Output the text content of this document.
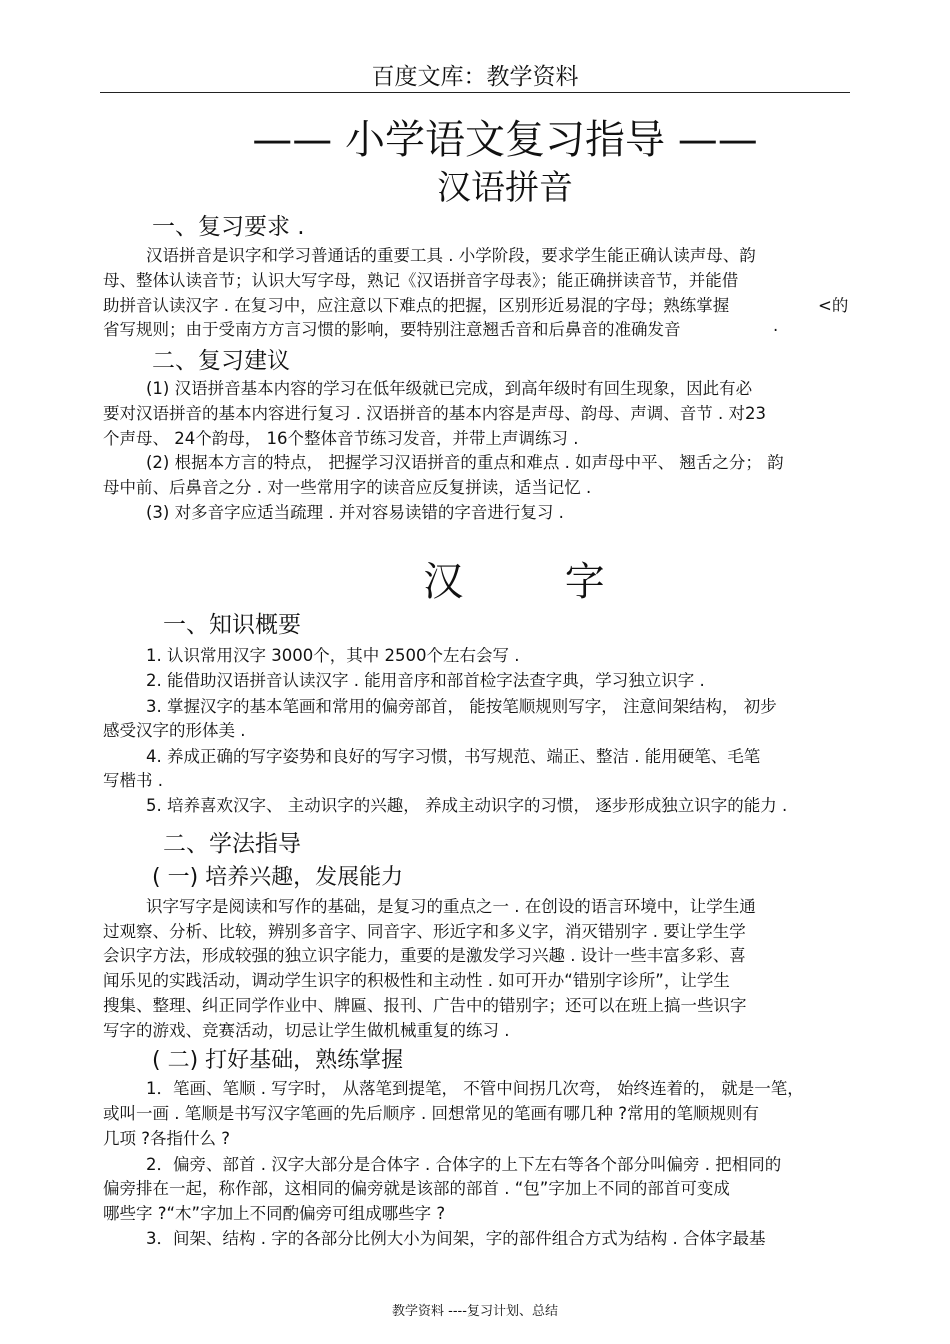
百度文库：教学资料
—— 小学语文复习指导 ——
汉语拼音
一、复习要求 .
汉语拼音是识字和学习普通话的重要工具 . 小学阶段，要求学生能正确认读声母、韵
母、整体认读音节；认识大写字母，熟记《汉语拼音字母表》；能正确拼读音节，并能借
助拼音认读汉字 . 在复习中，应注意以下难点的把握，区别形近易混的字母；熟练掌握	<的
省写规则；由于受南方方言习惯的影响，要特别注意翘舌音和后鼻音的准确发音	.
二、复习建议
(1) 汉语拼音基本内容的学习在低年级就已完成，到高年级时有回生现象，因此有必
要对汉语拼音的基本内容进行复习 . 汉语拼音的基本内容是声母、韵母、声调、音节 . 对23
个声母、 24个韵母， 16个整体音节练习发音，并带上声调练习 .
(2) 根据本方言的特点， 把握学习汉语拼音的重点和难点 . 如声母中平、 翘舌之分； 韵
母中前、后鼻音之分 . 对一些常用字的读音应反复拼读，适当记忆 .
(3) 对多音字应适当疏理 . 并对容易读错的字音进行复习 .
汉 字
一、知识概要
1. 认识常用汉字 3000个，其中 2500个左右会写 .
2. 能借助汉语拼音认读汉字 . 能用音序和部首检字法查字典，学习独立识字 .
3. 掌握汉字的基本笔画和常用的偏旁部首， 能按笔顺规则写字， 注意间架结构， 初步
感受汉字的形体美 .
4. 养成正确的写字姿势和良好的写字习惯，书写规范、端正、整洁 . 能用硬笔、毛笔
写楷书 .
5. 培养喜欢汉字、 主动识字的兴趣， 养成主动识字的习惯， 逐步形成独立识字的能力 .
二、学法指导
( 一) 培养兴趣，发展能力
识字写字是阅读和写作的基础，是复习的重点之一 . 在创设的语言环境中，让学生通
过观察、分析、比较，辨别多音字、同音字、形近字和多义字，消灭错别字 . 要让学生学
会识字方法，形成较强的独立识字能力，重要的是激发学习兴趣 . 设计一些丰富多彩、喜
闻乐见的实践活动，调动学生识字的积极性和主动性 . 如可开办“错别字诊所”，让学生
搜集、整理、纠正同学作业中、牌匾、报刊、广告中的错别字；还可以在班上搞一些识字
写字的游戏、竞赛活动，切忌让学生做机械重复的练习 .
( 二) 打好基础，熟练掌握
1．笔画、笔顺 . 写字时， 从落笔到提笔， 不管中间拐几次弯， 始终连着的， 就是一笔，
或叫一画 . 笔顺是书写汉字笔画的先后顺序 . 回想常见的笔画有哪几种 ?常用的笔顺规则有
几项 ?各指什么 ?
2．偏旁、部首 . 汉字大部分是合体字 . 合体字的上下左右等各个部分叫偏旁 . 把相同的
偏旁排在一起，称作部，这相同的偏旁就是该部的部首 . “包”字加上不同的部首可变成
哪些字 ?“木”字加上不同酌偏旁可组成哪些字 ?
3．间架、结构 . 字的各部分比例大小为间架，字的部件组合方式为结构 . 合体字最基
教学资料 ----复习计划、总结
